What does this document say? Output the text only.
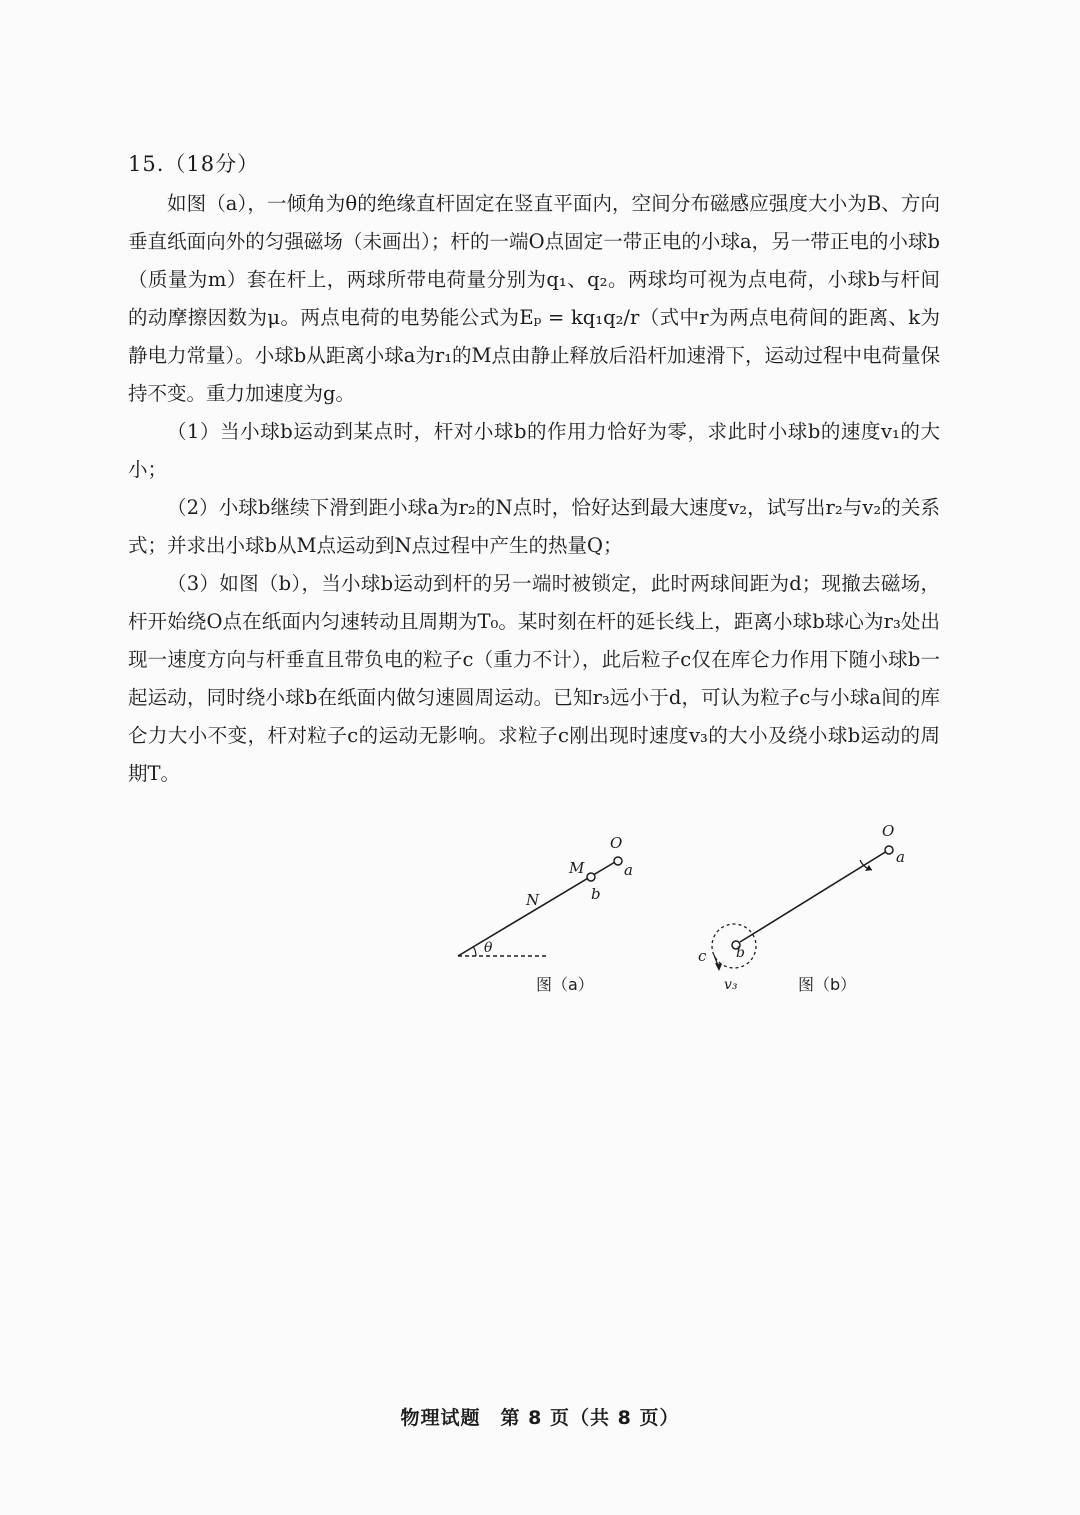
15.（18分）

如图（a），一倾角为θ的绝缘直杆固定在竖直平面内，空间分布磁感应强度大小为B、方向垂直纸面向外的匀强磁场（未画出）；杆的一端O点固定一带正电的小球a，另一带正电的小球b（质量为m）套在杆上，两球所带电荷量分别为q₁、q₂。两球均可视为点电荷，小球b与杆间的动摩擦因数为μ。两点电荷的电势能公式为Eₚ = kq₁q₂/r（式中r为两点电荷间的距离、k为静电力常量）。小球b从距离小球a为r₁的M点由静止释放后沿杆加速滑下，运动过程中电荷量保持不变。重力加速度为g。

（1）当小球b运动到某点时，杆对小球b的作用力恰好为零，求此时小球b的速度v₁的大小；

（2）小球b继续下滑到距小球a为r₂的N点时，恰好达到最大速度v₂，试写出r₂与v₂的关系式；并求出小球b从M点运动到N点过程中产生的热量Q；

（3）如图（b），当小球b运动到杆的另一端时被锁定，此时两球间距为d；现撤去磁场，杆开始绕O点在纸面内匀速转动且周期为T₀。某时刻在杆的延长线上，距离小球b球心为r₃处出现一速度方向与杆垂直且带负电的粒子c（重力不计），此后粒子c仅在库仑力作用下随小球b一起运动，同时绕小球b在纸面内做匀速圆周运动。已知r₃远小于d，可认为粒子c与小球a间的库仑力大小不变，杆对粒子c的运动无影响。求粒子c刚出现时速度v₃的大小及绕小球b运动的周期T。

O
a
M
b
N
θ
O
a
b
c
v₃
图（a）	图（b）
物理试题　第 8 页（共 8 页）
